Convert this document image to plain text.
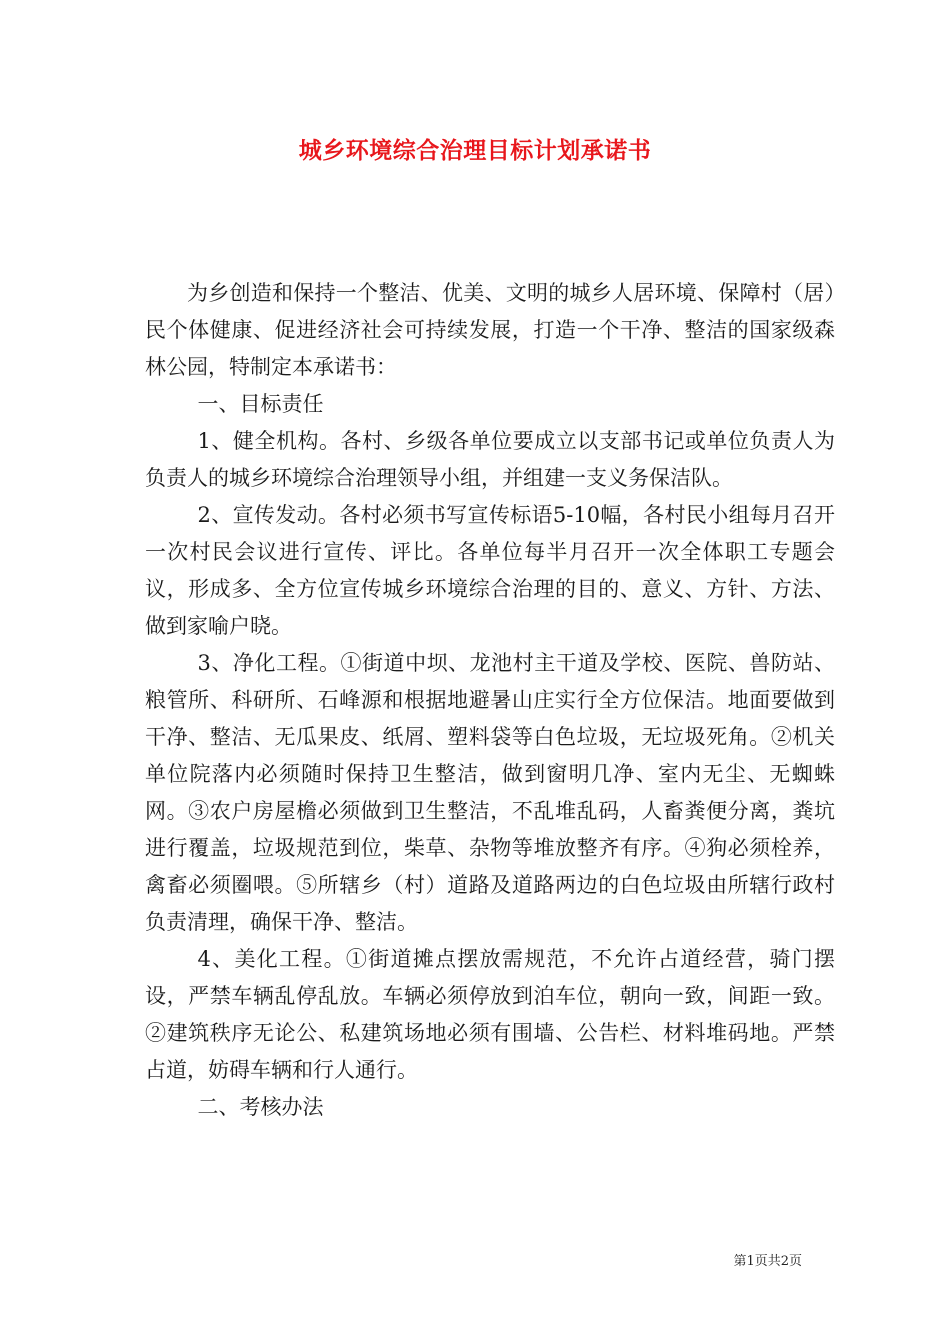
城乡环境综合治理目标计划承诺书

为乡创造和保持一个整洁、优美、文明的城乡人居环境、保障村（居）民个体健康、促进经济社会可持续发展，打造一个干净、整洁的国家级森林公园，特制定本承诺书：

一、目标责任

1、健全机构。各村、乡级各单位要成立以支部书记或单位负责人为负责人的城乡环境综合治理领导小组，并组建一支义务保洁队。

2、宣传发动。各村必须书写宣传标语5-10幅，各村民小组每月召开一次村民会议进行宣传、评比。各单位每半月召开一次全体职工专题会议，形成多、全方位宣传城乡环境综合治理的目的、意义、方针、方法、做到家喻户晓。

3、净化工程。①街道中坝、龙池村主干道及学校、医院、兽防站、粮管所、科研所、石峰源和根据地避暑山庄实行全方位保洁。地面要做到干净、整洁、无瓜果皮、纸屑、塑料袋等白色垃圾，无垃圾死角。②机关单位院落内必须随时保持卫生整洁，做到窗明几净、室内无尘、无蜘蛛网。③农户房屋檐必须做到卫生整洁，不乱堆乱码，人畜粪便分离，粪坑进行覆盖，垃圾规范到位，柴草、杂物等堆放整齐有序。④狗必须栓养，禽畜必须圈喂。⑤所辖乡（村）道路及道路两边的白色垃圾由所辖行政村负责清理，确保干净、整洁。

4、美化工程。①街道摊点摆放需规范，不允许占道经营，骑门摆设，严禁车辆乱停乱放。车辆必须停放到泊车位，朝向一致，间距一致。②建筑秩序无论公、私建筑场地必须有围墙、公告栏、材料堆码地。严禁占道，妨碍车辆和行人通行。

二、考核办法

第1页共2页
